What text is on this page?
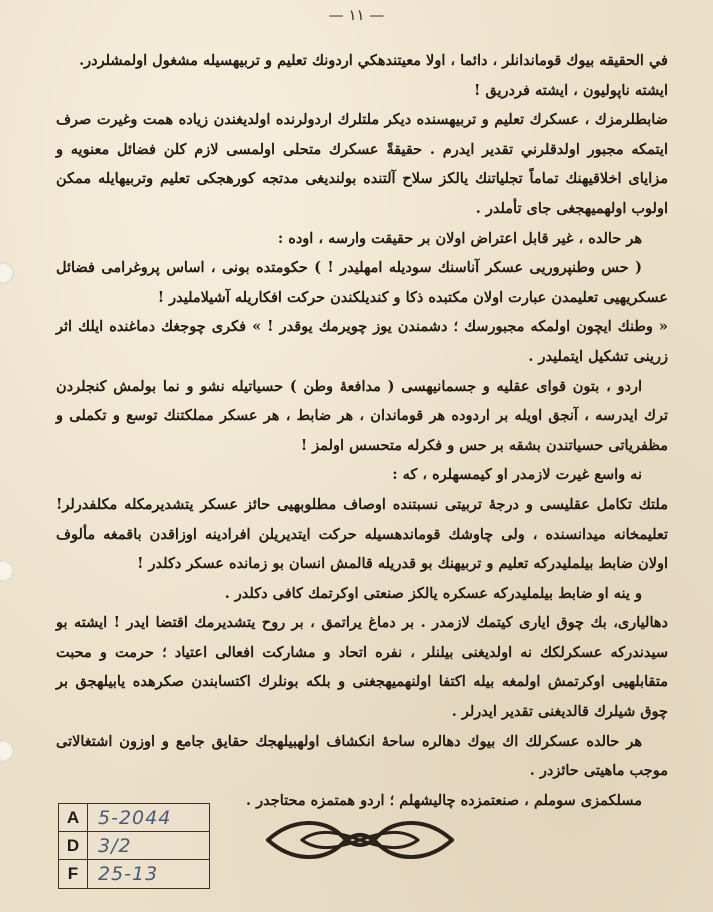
— ١١ —

في الحقيقه بيوك قوماندانلر ، دائما ، اولا معيتندهكي اردونك تعليم و تربيهسيله مشغول اولمشلردر.

ايشته ناپوليون ، ايشته فردريق !

ضابطلرمزك ، عسكرك تعليم و تربيهسنده ديكر ملتلرك اردولرنده اولديغندن زياده همت وغيرت صرف ايتمكه مجبور اولدقلرني تقدير ايدرم . حقيقةً عسكرك متحلى اولمسى لازم كلن فضائل معنويه و مزاياى اخلاقيهنك تماماً تجلياتنك يالكز سلاح آلتنده بولنديغى مدتجه كورهجكى تعليم وتربيهايله ممكن اولوب اولهميهجغى جاى تأملدر .

هر حالده ، غير قابل اعتراض اولان بر حقيقت وارسه ، اوده :

( حس وطنپروريى عسكر آناسنك سوديله امهليدر ! ) حكومتده بونى ، اساس پروغرامى فضائل عسكريهيى تعليمدن عبارت اولان مكتبده ذكا و كنديلكندن حركت افكاريله آشيلامليدر !

« وطنك ايچون اولمكه مجبورسك ؛ دشمندن يوز چويرمك يوقدر ! » فكرى چوجغك دماغنده ايلك اثر زرينى تشكيل ايتمليدر .

اردو ، بتون قواى عقليه و جسمانيهسى ( مدافعهٔ وطن ) حسياتيله نشو و نما بولمش كنجلردن ترك ايدرسه ، آنجق اويله بر اردوده هر قوماندان ، هر ضابط ، هر عسكر مملكتنك توسع و تكملى و مظفرياتى حسياتندن بشقه بر حس و فكرله متحسس اولمز !

نه واسع غيرت لازمدر او كيمسهلره ، كه :

ملتك تكامل عقليسى و درجهٔ تربيتى نسبتنده اوصاف مطلوبهيى حائز عسكر يتشديرمكله مكلفدرلر! تعليمخانه ميدانسنده ، ولى چاوشك قوماندهسيله حركت ايتديريلن افرادينه اوزاقدن باقمغه مألوف اولان ضابط بيلمليدركه تعليم و تربيهنك بو قدريله قالمش انسان بو زمانده عسكر دكلدر !

و ينه او ضابط بيلمليدركه عسكره يالكز صنعتى اوكرتمك كافى دكلدر .

دهاليارى، بك چوق ايارى كيتمك لازمدر . بر دماغ يراتمق ، بر روح يتشديرمك اقتضا ايدر ! ايشته بو سيدندركه عسكرلكك نه اولديغنى بيلنلر ، نفره اتحاد و مشاركت افعالى اعتياد ؛ حرمت و محبت متقابلهيى اوكرتمش اولمغه بيله اكتفا اولنهميهجغنى و بلكه بونلرك اكتسابندن صكرهده يابيلهجق بر چوق شيلرك قالديغنى تقدير ايدرلر .

هر حالده عسكرلك اك بيوك دهالره ساحهٔ انكشاف اولهبيلهجك حقايق جامع و اوزون اشتغالاتى موجب ماهيتى حائزدر .

مسلكمزى سوملم ، صنعتمزده چاليشهلم ؛ اردو همتمزه محتاجدر .

A 5-2044
D 3/2
F	25-13
